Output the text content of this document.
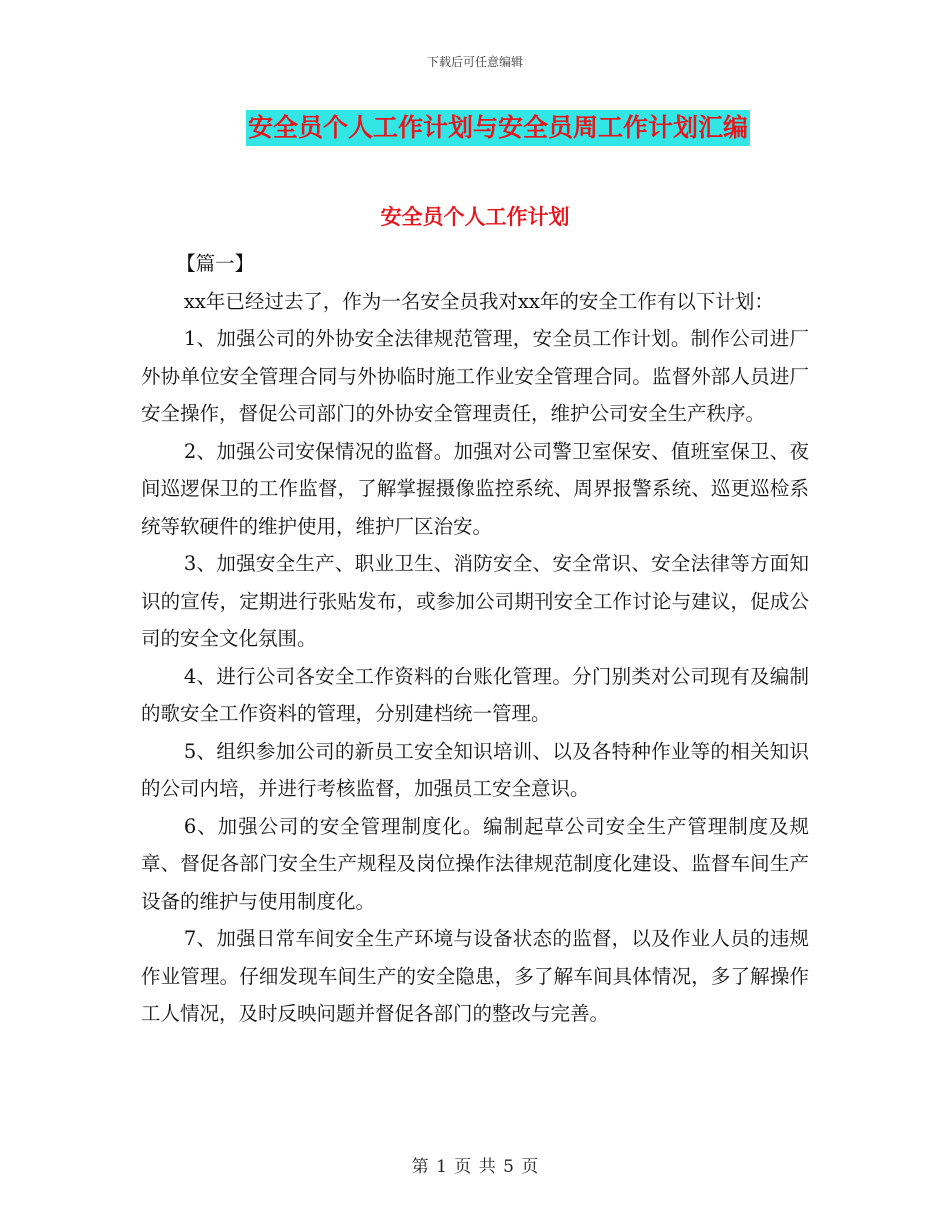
下载后可任意编辑
安全员个人工作计划与安全员周工作计划汇编
安全员个人工作计划

【篇一】

xx年已经过去了，作为一名安全员我对xx年的安全工作有以下计划：

1、加强公司的外协安全法律规范管理，安全员工作计划。制作公司进厂外协单位安全管理合同与外协临时施工作业安全管理合同。监督外部人员进厂安全操作，督促公司部门的外协安全管理责任，维护公司安全生产秩序。

2、加强公司安保情况的监督。加强对公司警卫室保安、值班室保卫、夜间巡逻保卫的工作监督，了解掌握摄像监控系统、周界报警系统、巡更巡检系统等软硬件的维护使用，维护厂区治安。

3、加强安全生产、职业卫生、消防安全、安全常识、安全法律等方面知识的宣传，定期进行张贴发布，或参加公司期刊安全工作讨论与建议，促成公司的安全文化氛围。

4、进行公司各安全工作资料的台账化管理。分门别类对公司现有及编制的歌安全工作资料的管理，分别建档统一管理。

5、组织参加公司的新员工安全知识培训、以及各特种作业等的相关知识的公司内培，并进行考核监督，加强员工安全意识。

6、加强公司的安全管理制度化。编制起草公司安全生产管理制度及规章、督促各部门安全生产规程及岗位操作法律规范制度化建设、监督车间生产设备的维护与使用制度化。

7、加强日常车间安全生产环境与设备状态的监督，以及作业人员的违规作业管理。仔细发现车间生产的安全隐患，多了解车间具体情况，多了解操作工人情况，及时反映问题并督促各部门的整改与完善。

第 1 页 共 5 页
